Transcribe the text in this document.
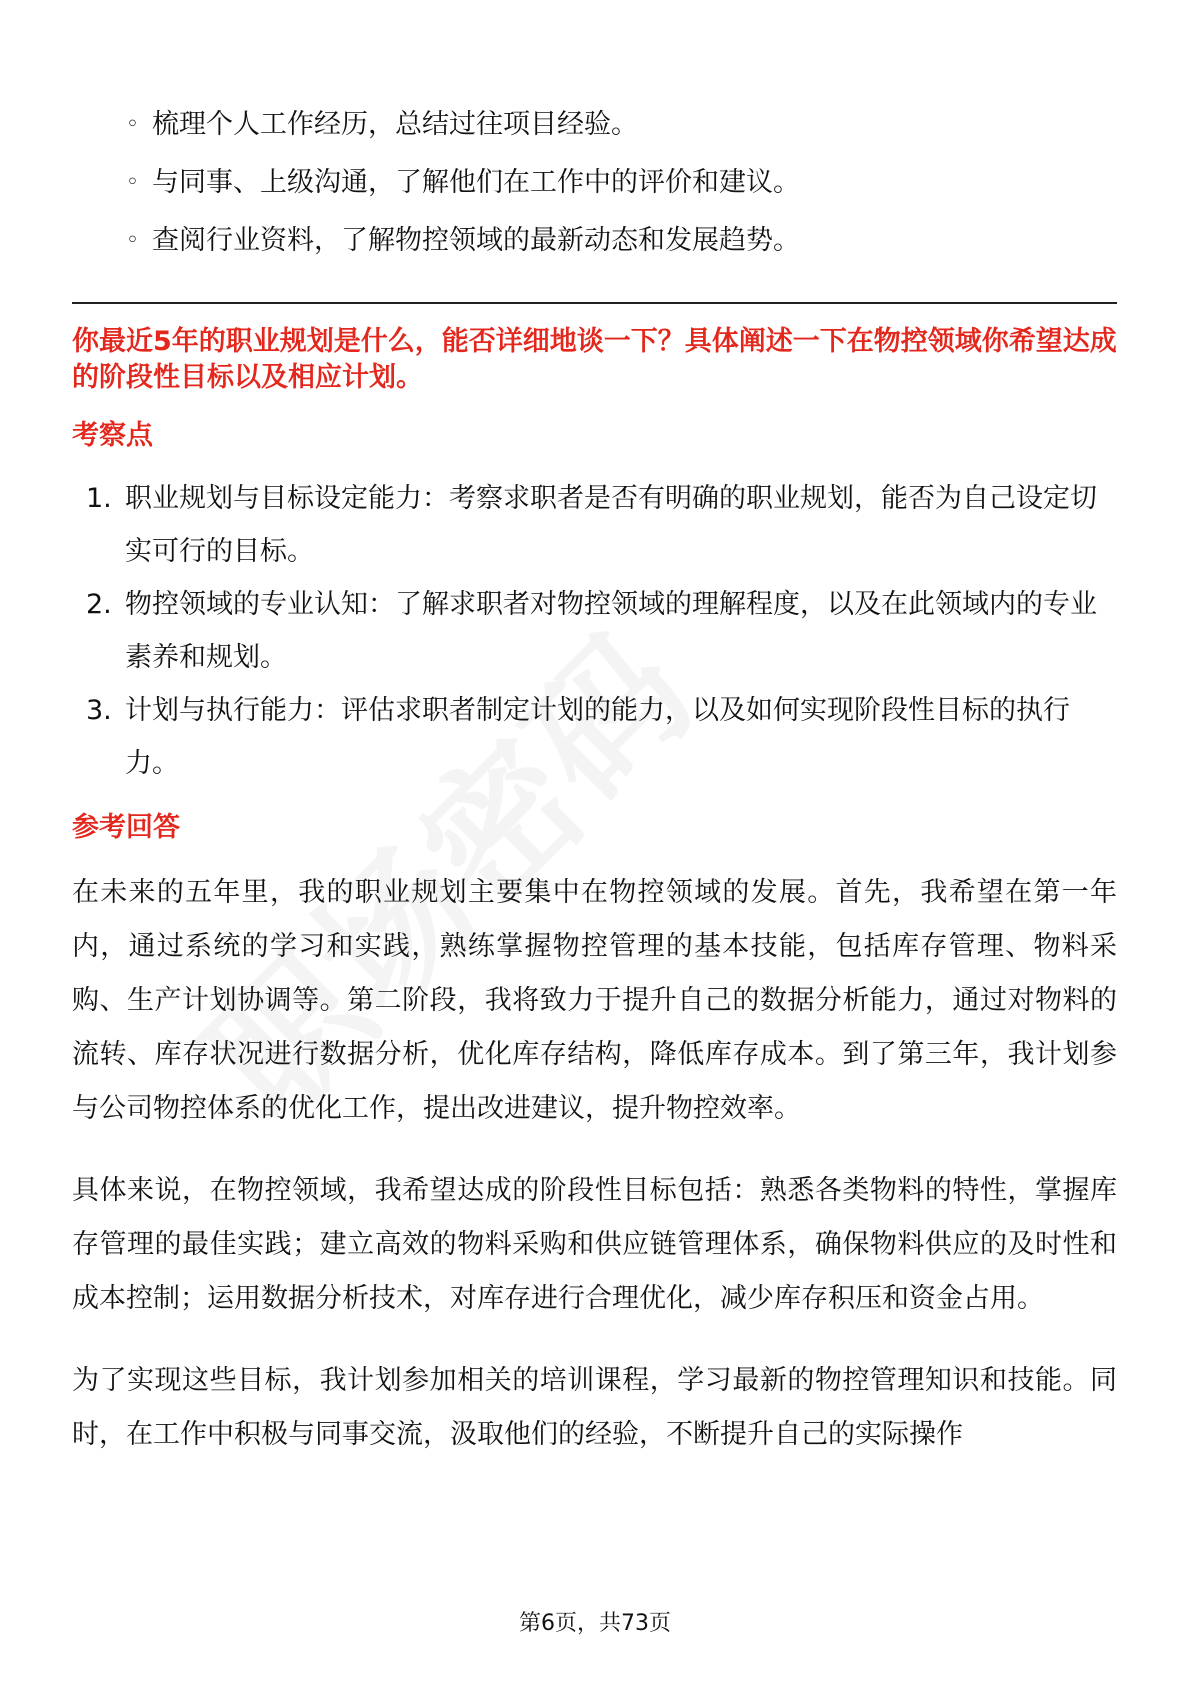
◦ 梳理个人工作经历，总结过往项目经验。
◦ 与同事、上级沟通，了解他们在工作中的评价和建议。
◦ 查阅行业资料，了解物控领域的最新动态和发展趋势。
你最近5年的职业规划是什么，能否详细地谈一下？具体阐述一下在物控领域你希望达成的阶段性目标以及相应计划。
考察点
1. 职业规划与目标设定能力：考察求职者是否有明确的职业规划，能否为自己设定切实可行的目标。
2. 物控领域的专业认知：了解求职者对物控领域的理解程度，以及在此领域内的专业素养和规划。
3. 计划与执行能力：评估求职者制定计划的能力，以及如何实现阶段性目标的执行力。
参考回答

在未来的五年里，我的职业规划主要集中在物控领域的发展。首先，我希望在第一年内，通过系统的学习和实践，熟练掌握物控管理的基本技能，包括库存管理、物料采购、生产计划协调等。第二阶段，我将致力于提升自己的数据分析能力，通过对物料的流转、库存状况进行数据分析，优化库存结构，降低库存成本。到了第三年，我计划参与公司物控体系的优化工作，提出改进建议，提升物控效率。

具体来说，在物控领域，我希望达成的阶段性目标包括：熟悉各类物料的特性，掌握库存管理的最佳实践；建立高效的物料采购和供应链管理体系，确保物料供应的及时性和成本控制；运用数据分析技术，对库存进行合理优化，减少库存积压和资金占用。

为了实现这些目标，我计划参加相关的培训课程，学习最新的物控管理知识和技能。同时，在工作中积极与同事交流，汲取他们的经验，不断提升自己的实际操作

第6页，共73页
